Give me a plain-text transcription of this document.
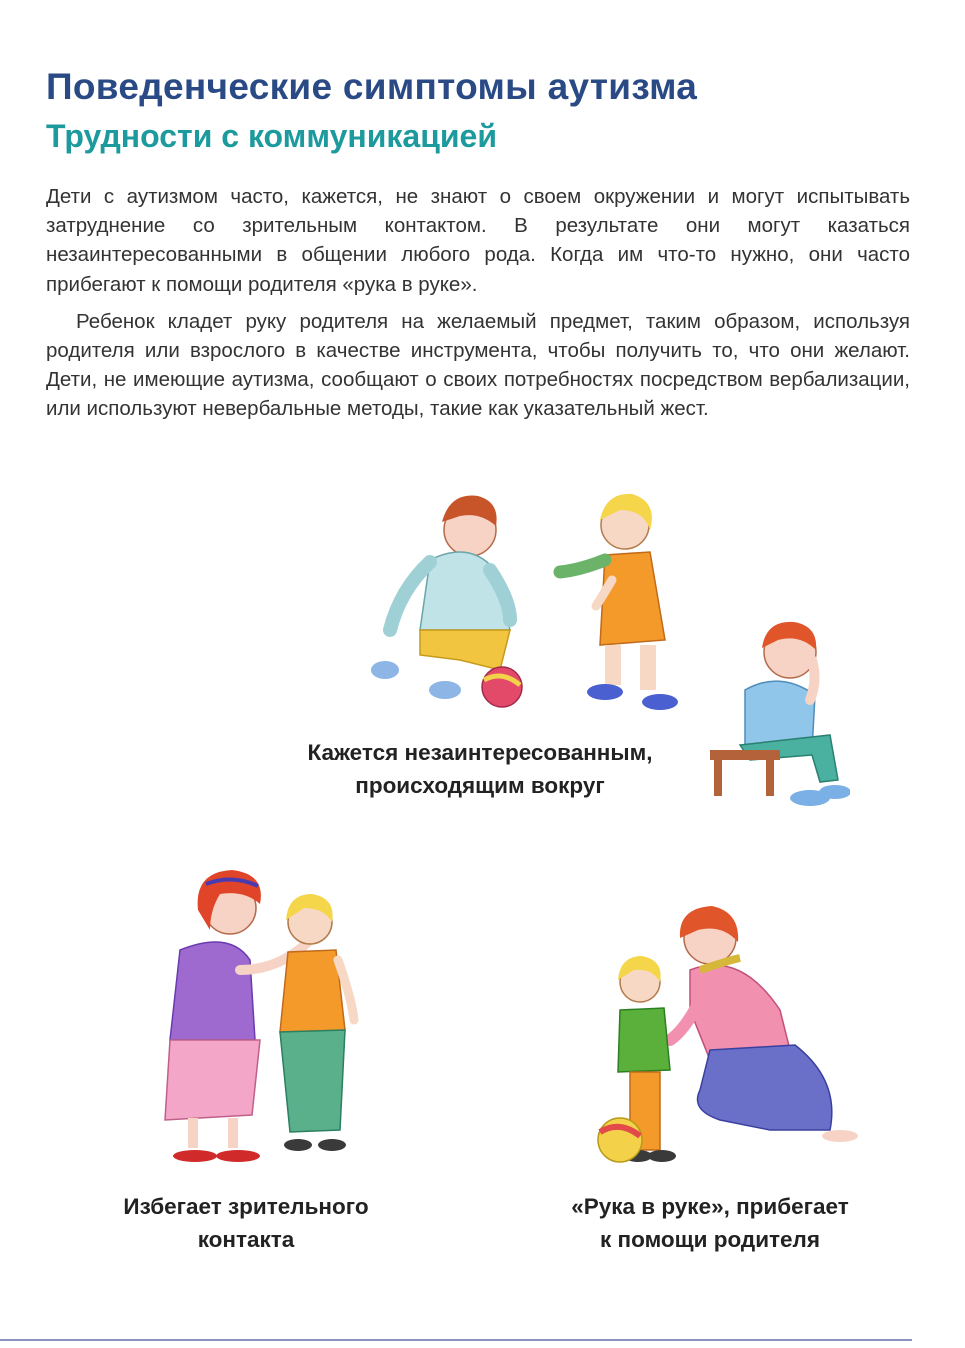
Поведенческие симптомы аутизма
Трудности с коммуникацией

Дети с аутизмом часто, кажется, не знают о своем окружении и могут испытывать затруднение со зрительным контактом. В результате они могут казаться незаинтересованными в общении любого рода. Когда им что-то нужно, они часто прибегают к помощи родителя «рука в руке».

Ребенок кладет руку родителя на желаемый предмет, таким образом, используя родителя или взрослого в качестве инструмента, чтобы получить то, что они желают. Дети, не имеющие аутизма, сообщают о своих потребностях посредством вербализации, или используют невербальные методы, такие как указательный жест.

Кажется незаинтересованным,
происходящим вокруг
Избегает зрительного
контакта
«Рука в руке», прибегает
к помощи родителя
